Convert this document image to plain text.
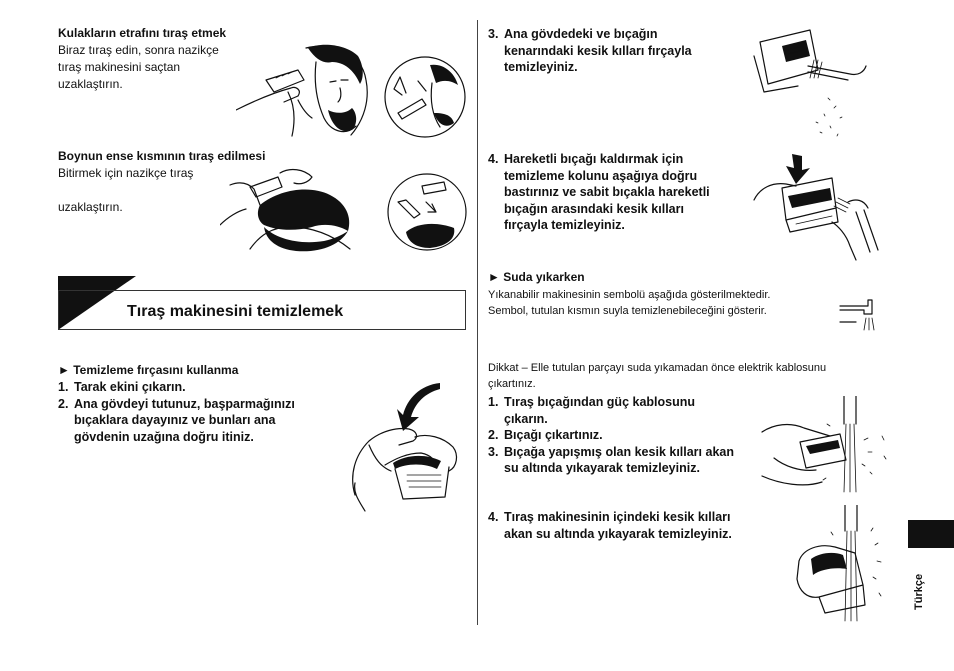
Kulakların etrafını tıraş etmek
Biraz tıraş edin, sonra nazikçe
tıraş makinesini saçtan
uzaklaştırın.
Boynun ense kısmının tıraş edilmesi
Bitirmek için nazikçe tıraş
uzaklaştırın.
Tıraş makinesini temizlemek
► Temizleme fırçasını kullanma
1. Tarak ekini çıkarın.
2. Ana gövdeyi tutunuz, başparmağınızı
bıçaklara dayayınız ve bunları ana
gövdenin uzağına doğru itiniz.
3. Ana gövdedeki ve bıçağın
kenarındaki kesik kılları fırçayla
temizleyiniz.
4. Hareketli bıçağı kaldırmak için
temizleme kolunu aşağıya doğru
bastırınız ve sabit bıçakla hareketli
bıçağın arasındaki kesik kılları
fırçayla temizleyiniz.
► Suda yıkarken
Yıkanabilir makinesinin sembolü aşağıda gösterilmektedir.
Sembol, tutulan kısmın suyla temizlenebileceğini gösterir.
Dikkat – Elle tutulan parçayı suda yıkamadan önce elektrik kablosunu
çıkartınız.
1. Tıraş bıçağından güç kablosunu
çıkarın.
2. Bıçağı çıkartınız.
3. Bıçağa yapışmış olan kesik kılları akan
su altında yıkayarak temizleyiniz.
4. Tıraş makinesinin içindeki kesik kılları
akan su altında yıkayarak temizleyiniz.
Türkçe
